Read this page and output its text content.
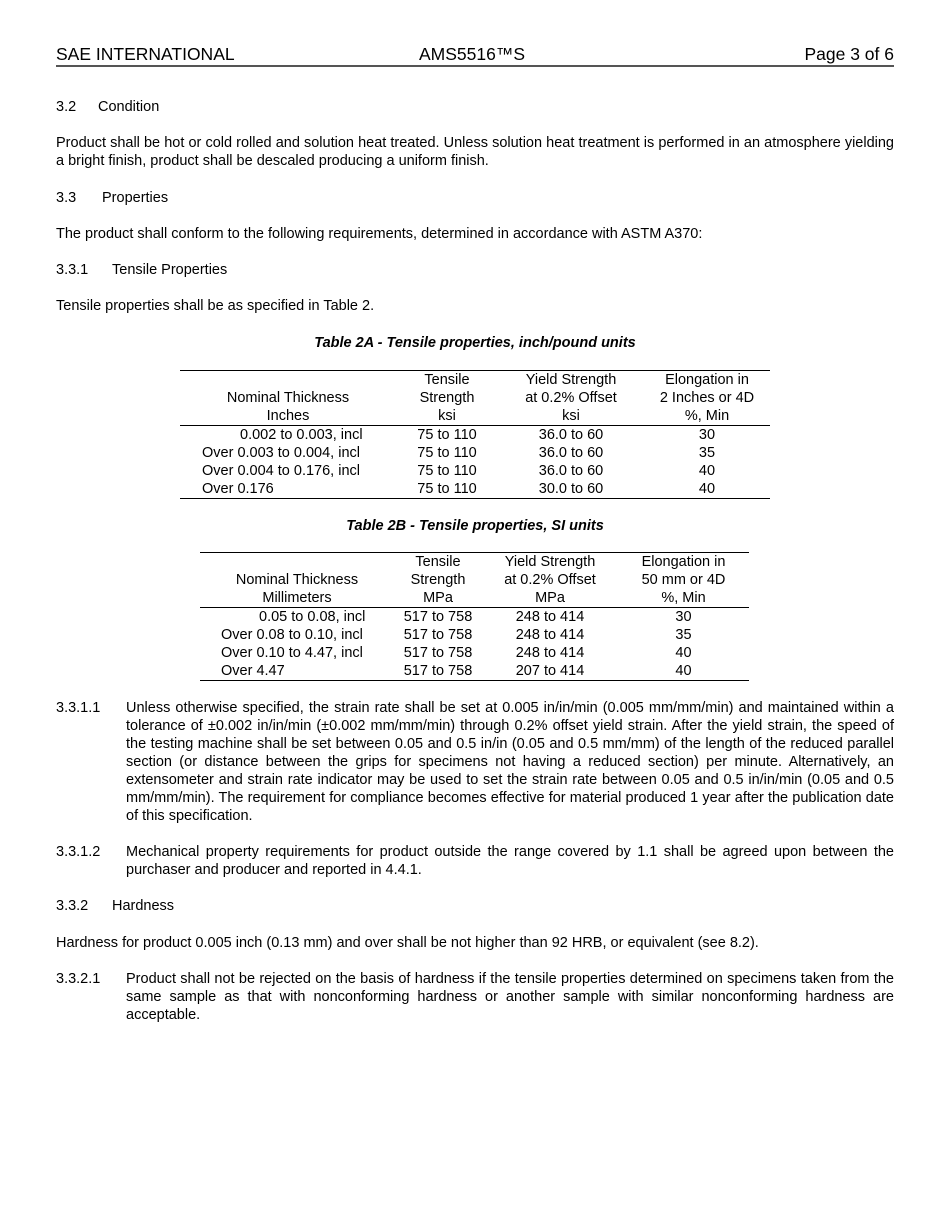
SAE INTERNATIONAL	AMS5516™S	Page 3 of 6
3.2 Condition
Product shall be hot or cold rolled and solution heat treated. Unless solution heat treatment is performed in an atmosphere yielding a bright finish, product shall be descaled producing a uniform finish.
3.3 Properties
The product shall conform to the following requirements, determined in accordance with ASTM A370:
3.3.1 Tensile Properties
Tensile properties shall be as specified in Table 2.
Table 2A - Tensile properties, inch/pound units
	Tensile	Yield Strength	Elongation in
Nominal Thickness	Strength	at 0.2% Offset	2 Inches or 4D
Inches	ksi	ksi	%, Min
0.002 to 0.003, incl	75 to 110	36.0 to 60	30
Over 0.003 to 0.004, incl	75 to 110	36.0 to 60	35
Over 0.004 to 0.176, incl	75 to 110	36.0 to 60	40
Over 0.176	75 to 110	30.0 to 60	40
Table 2B - Tensile properties, SI units
	Tensile	Yield Strength	Elongation in
Nominal Thickness	Strength	at 0.2% Offset	50 mm or 4D
Millimeters	MPa	MPa	%, Min
0.05 to 0.08, incl	517 to 758	248 to 414	30
Over 0.08 to 0.10, incl	517 to 758	248 to 414	35
Over 0.10 to 4.47, incl	517 to 758	248 to 414	40
Over 4.47	517 to 758	207 to 414	40
3.3.1.1 Unless otherwise specified, the strain rate shall be set at 0.005 in/in/min (0.005 mm/mm/min) and maintained within a tolerance of ±0.002 in/in/min (±0.002 mm/mm/min) through 0.2% offset yield strain. After the yield strain, the speed of the testing machine shall be set between 0.05 and 0.5 in/in (0.05 and 0.5 mm/mm) of the length of the reduced parallel section (or distance between the grips for specimens not having a reduced section) per minute. Alternatively, an extensometer and strain rate indicator may be used to set the strain rate between 0.05 and 0.5 in/in/min (0.05 and 0.5 mm/mm/min). The requirement for compliance becomes effective for material produced 1 year after the publication date of this specification.
3.3.1.2 Mechanical property requirements for product outside the range covered by 1.1 shall be agreed upon between the purchaser and producer and reported in 4.4.1.
3.3.2 Hardness
Hardness for product 0.005 inch (0.13 mm) and over shall be not higher than 92 HRB, or equivalent (see 8.2).
3.3.2.1 Product shall not be rejected on the basis of hardness if the tensile properties determined on specimens taken from the same sample as that with nonconforming hardness or another sample with similar nonconforming hardness are acceptable.
